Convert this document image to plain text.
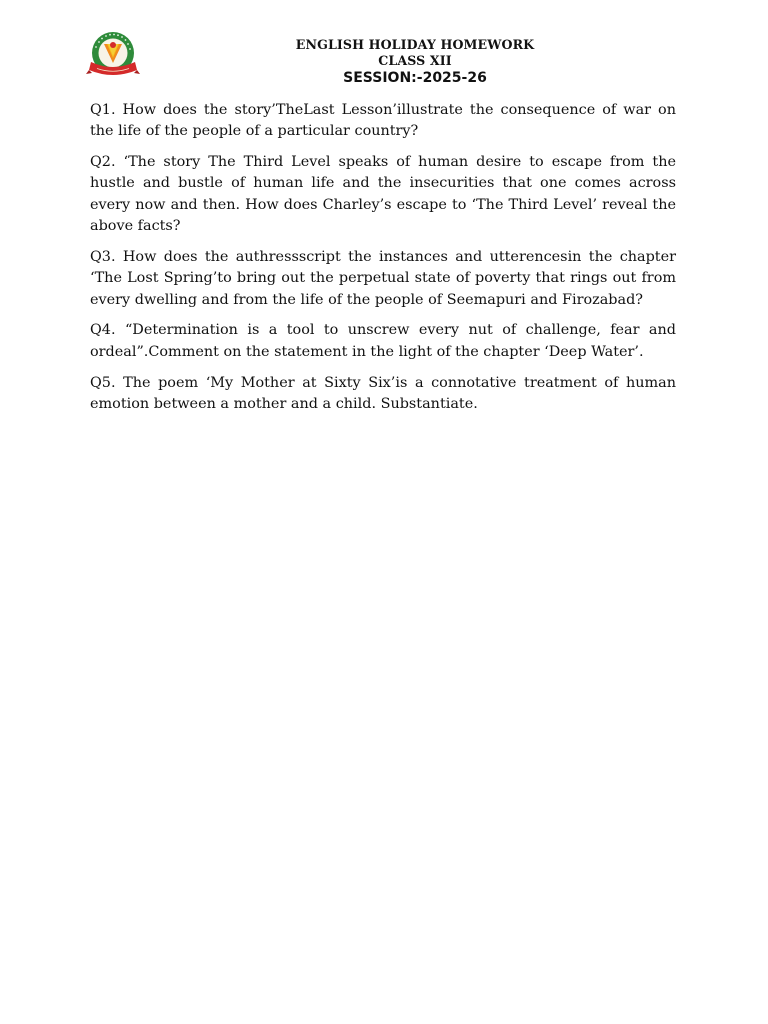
ENGLISH HOLIDAY HOMEWORK
CLASS XII
SESSION:-2025-26

Q1. How does the story’TheLast Lesson’illustrate the consequence of war on the life of the people of a particular country?

Q2. ‘The story The Third Level speaks of human desire to escape from the hustle and bustle of human life and the insecurities that one comes across every now and then. How does Charley’s escape to ‘The Third Level’ reveal the above facts?

Q3. How does the authressscript the instances and utterencesin the chapter ‘The Lost Spring’to bring out the perpetual state of poverty that rings out from every dwelling and from the life of the people of Seemapuri and Firozabad?

Q4. “Determination is a tool to unscrew every nut of challenge, fear and ordeal”.Comment on the statement in the light of the chapter ‘Deep Water’.

Q5. The poem ‘My Mother at Sixty Six’is a connotative treatment of human emotion between a mother and a child. Substantiate.
